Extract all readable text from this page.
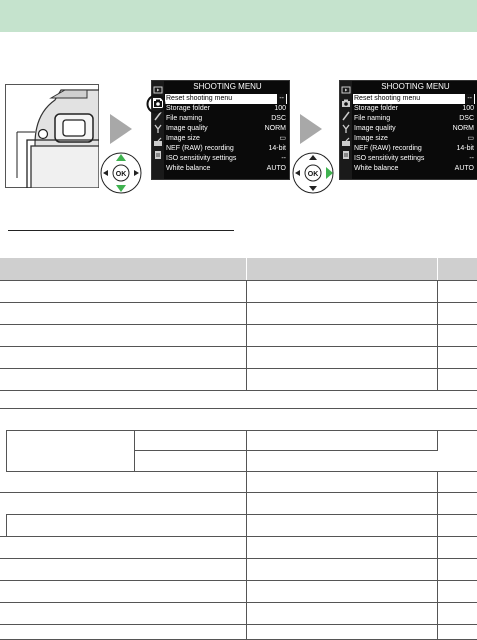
OK
SHOOTING MENU
Reset shooting menu	--
Storage folder	100
File naming	DSC
Image quality	NORM
Image size	▭
NEF (RAW) recording	14-bit
ISO sensitivity settings	--
White balance	AUTO
OK
SHOOTING MENU
Reset shooting menu	--
Storage folder	100
File naming	DSC
Image quality	NORM
Image size	▭
NEF (RAW) recording	14-bit
ISO sensitivity settings	--
White balance	AUTO
